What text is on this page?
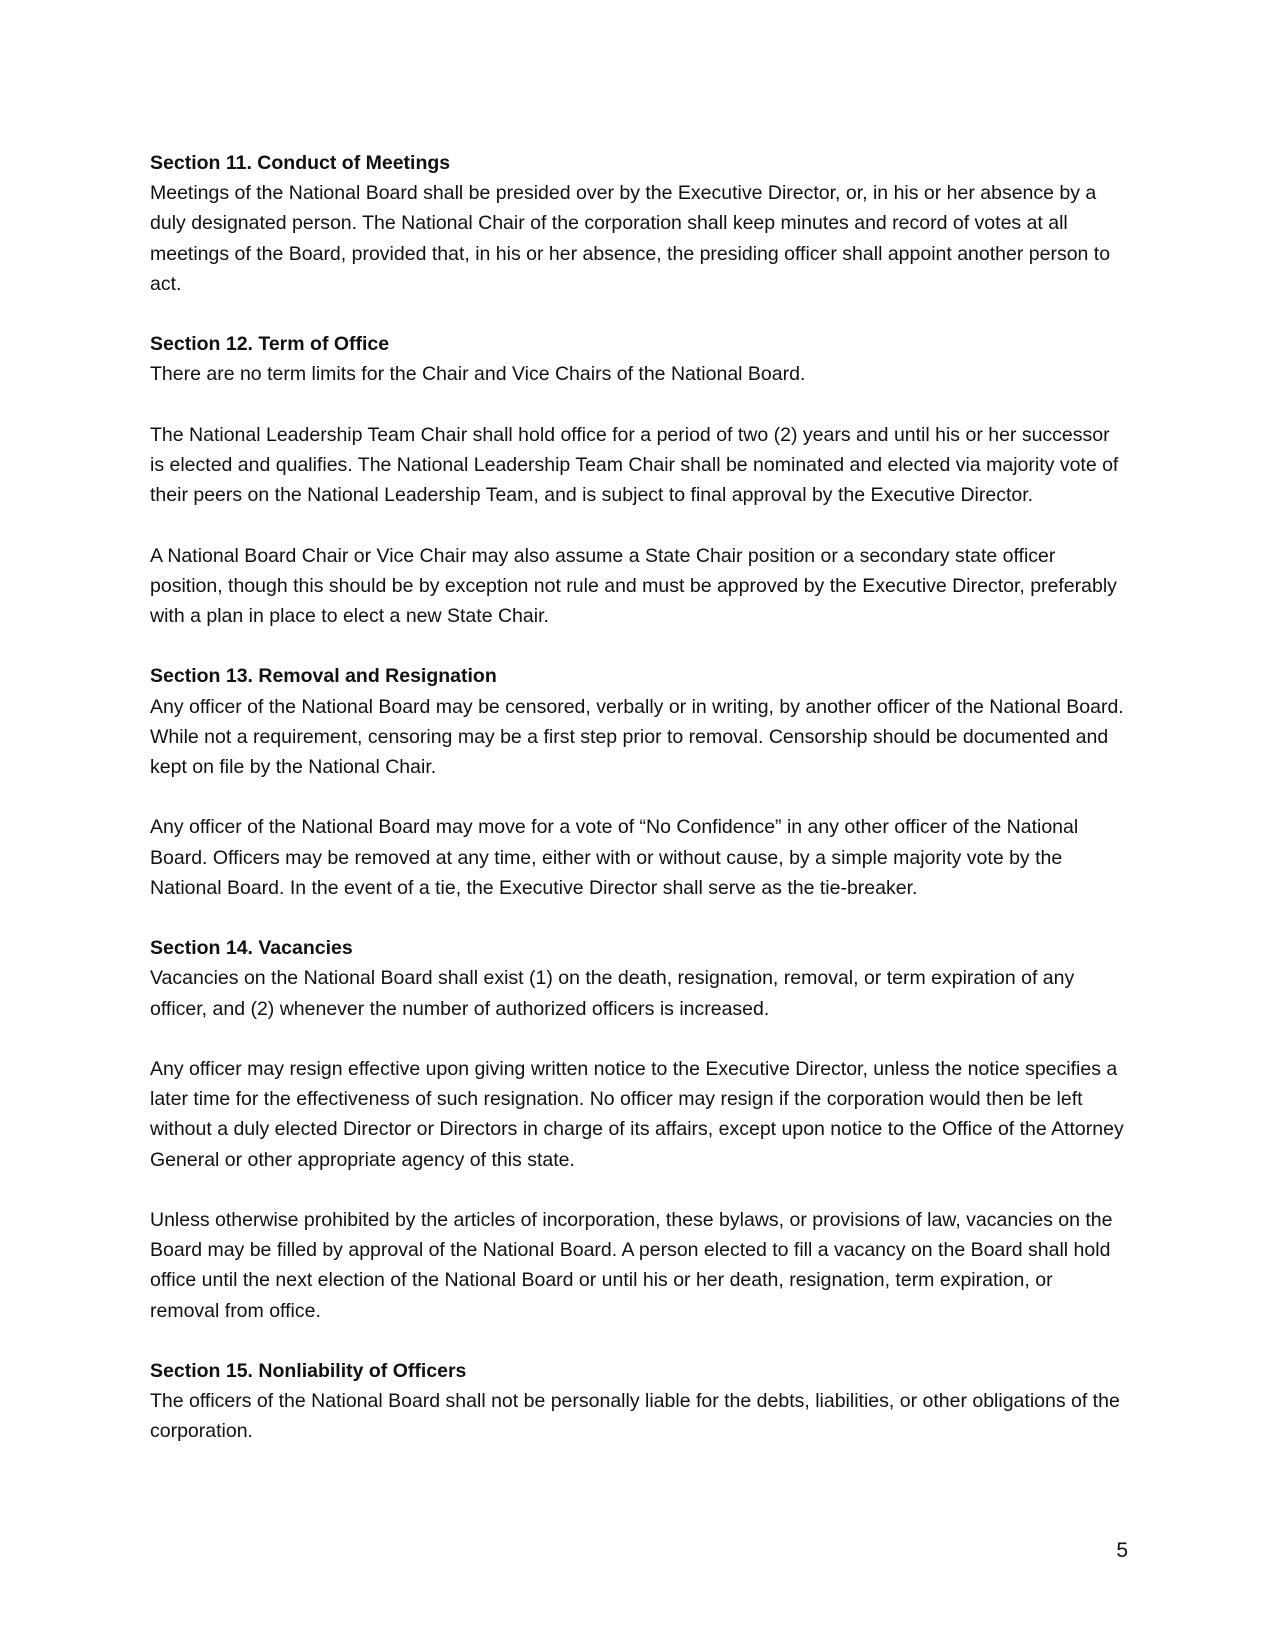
Section 11. Conduct of Meetings

Meetings of the National Board shall be presided over by the Executive Director, or, in his or her absence by a duly designated person. The National Chair of the corporation shall keep minutes and record of votes at all meetings of the Board, provided that, in his or her absence, the presiding officer shall appoint another person to act.

Section 12. Term of Office

There are no term limits for the Chair and Vice Chairs of the National Board.

The National Leadership Team Chair shall hold office for a period of two (2) years and until his or her successor is elected and qualifies. The National Leadership Team Chair shall be nominated and elected via majority vote of their peers on the National Leadership Team, and is subject to final approval by the Executive Director.

A National Board Chair or Vice Chair may also assume a State Chair position or a secondary state officer position, though this should be by exception not rule and must be approved by the Executive Director, preferably with a plan in place to elect a new State Chair.

Section 13. Removal and Resignation

Any officer of the National Board may be censored, verbally or in writing, by another officer of the National Board. While not a requirement, censoring may be a first step prior to removal. Censorship should be documented and kept on file by the National Chair.

Any officer of the National Board may move for a vote of “No Confidence” in any other officer of the National Board. Officers may be removed at any time, either with or without cause, by a simple majority vote by the National Board. In the event of a tie, the Executive Director shall serve as the tie-breaker.

Section 14. Vacancies

Vacancies on the National Board shall exist (1) on the death, resignation, removal, or term expiration of any officer, and (2) whenever the number of authorized officers is increased.

Any officer may resign effective upon giving written notice to the Executive Director, unless the notice specifies a later time for the effectiveness of such resignation. No officer may resign if the corporation would then be left without a duly elected Director or Directors in charge of its affairs, except upon notice to the Office of the Attorney General or other appropriate agency of this state.

Unless otherwise prohibited by the articles of incorporation, these bylaws, or provisions of law, vacancies on the Board may be filled by approval of the National Board. A person elected to fill a vacancy on the Board shall hold office until the next election of the National Board or until his or her death, resignation, term expiration, or removal from office.

Section 15. Nonliability of Officers

The officers of the National Board shall not be personally liable for the debts, liabilities, or other obligations of the corporation.

5
